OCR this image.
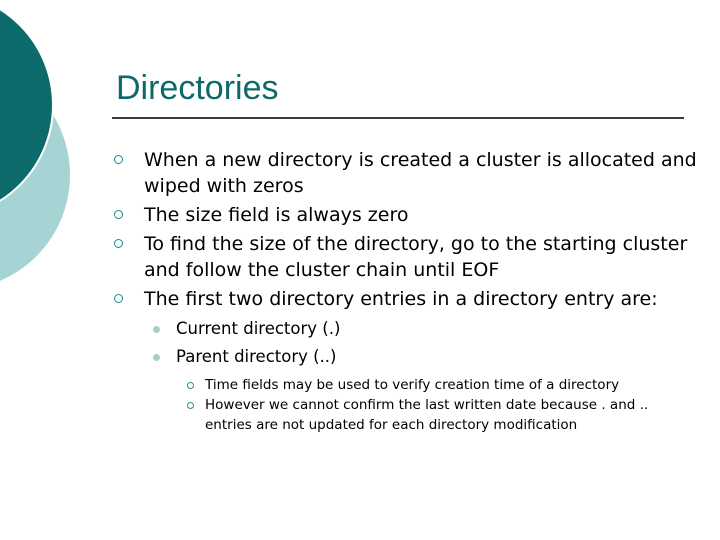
Directories
When a new directory is created a cluster is allocated and wiped with zeros
The size field is always zero
To find the size of the directory, go to the starting cluster and follow the cluster chain until EOF
The first two directory entries in a directory entry are:
Current directory (.)
Parent directory (..)
Time fields may be used to verify creation time of a directory
However we cannot confirm the last written date because . and .. entries are not updated for each directory modification
